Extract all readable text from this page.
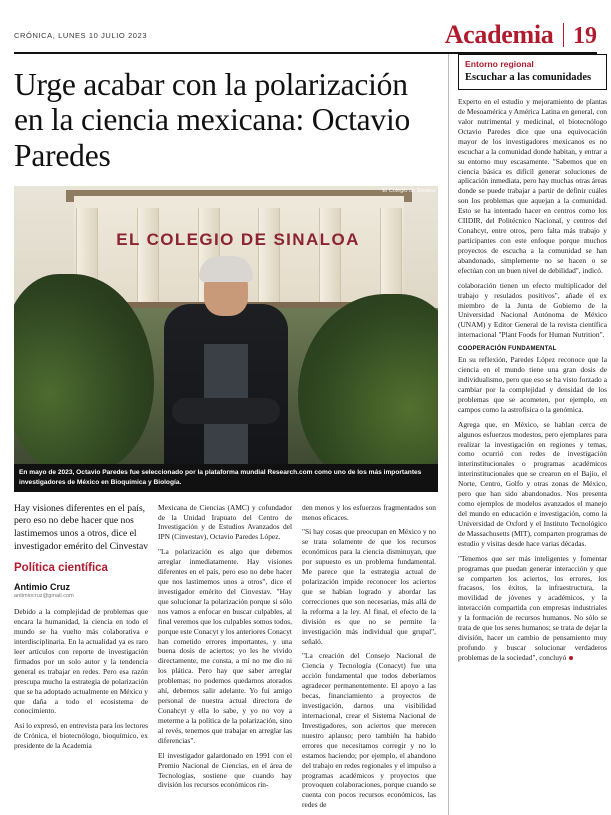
CRÓNICA, LUNES 10 JULIO 2023	Academia 19
Urge acabar con la polarización en la ciencia mexicana: Octavio Paredes
EL COLEGIO DE SINALOA
El Colegio de Sinaloa
En mayo de 2023, Octavio Paredes fue seleccionado por la plataforma mundial Research.com como uno de los más importantes investigadores de México en Bioquímica y Biología.
Hay visiones diferentes en el país, pero eso no debe hacer que nos lastimemos unos a otros, dice el investigador emérito del Cinvestav
Política científica
Antimio Cruz
antimiocruz@gmail.com

Debido a la complejidad de problemas que encara la humanidad, la ciencia en todo el mundo se ha vuelto más colaborativa e interdisciplinaria. En la actualidad ya es raro leer artículos con reporte de investigación firmados por un solo autor y la tendencia general es trabajar en redes. Pero esa razón prescupa mucho la estrategia de polarización que se ha adoptado actualmente en México y que daña a todo el ecosistema de conocimiento.

Así lo expresó, en entrevista para los lectores de Crónica, el biotecnólogo, bioquímico, ex presidente de la Academia

Mexicana de Ciencias (AMC) y cofundador de la Unidad Irapuato del Centro de Investigación y de Estudios Avanzados del IPN (Cinvestav), Octavio Paredes López.

"La polarización es algo que debemos arreglar inmediatamente. Hay visiones diferentes en el país, pero eso no debe hacer que nos lastimemos unos a otros", dice el investigador emérito del Cinvestav. "Hay que solucionar la polarización porque si sólo nos vamos a enfocar en buscar culpables, al final veremos que los culpables somos todos, porque este Conacyt y los anteriores Conacyt han cometido errores importantes, y una buena dosis de aciertos; yo les he vivido directamente, me consta, a mí no me dio ni los plática. Pero hay que saber arreglar problemas; no podemos quedarnos atorados ahí, debemos salir adelante. Yo fui amigo personal de nuestra actual directora de Conahcyt y ella lo sabe, y yo no voy a meterme a la política de la polarización, sino al revés, tenemos que trabajar en arreglar las diferencias".

El investigador galardonado en 1991 con el Premio Nacional de Ciencias, en el área de Tecnologías, sostiene que cuando hay división los recursos económicos rin-

den menos y los esfuerzos fragmentados son menos eficaces.

"Si hay cosas que preocupan en México y no se trata solamente de que los recursos económicos para la ciencia disminuyan, que por supuesto es un problema fundamental. Me parece que la estrategia actual de polarización impide reconocer los aciertos que se habían logrado y abordar las correcciones que son necesarias, más allá de la reforma a la ley. Al final, el efecto de la división es que no se permite la investigación más individual que grupal", señaló.

"La creación del Consejo Nacional de Ciencia y Tecnología (Conacyt) fue una acción fundamental que todos deberíamos agradecer permanentemente. El apoyo a las becas, financiamiento a proyectos de investigación, darnos una visibilidad internacional, crear el Sistema Nacional de Investigadores, son aciertos que merecen nuestro aplauso; pero también ha habido errores que necesitamos corregir y no lo estamos haciendo; por ejemplo, el abandono del trabajo en redes regionales y el impulso a programas académicos y proyectos que provoquen colaboraciones, porque cuando se cuenta con pocos recursos económicos, las redes de

Entorno regional
Escuchar a las comunidades

Experto en el estudio y mejoramiento de plantas de Mesoamérica y América Latina en general, con valor nutrimental y medicinal, el biotecnólogo Octavio Paredes dice que una equivocación mayor de los investigadores mexicanos es no escuchar a la comunidad donde habitan, y entrar a su entorno muy escasamente. "Sabemos que en ciencia básica es difícil generar soluciones de aplicación inmediata, pero hay muchas otras áreas donde se puede trabajar a partir de definir cuáles son los problemas que aquejan a la comunidad. Esto se ha intentado hacer en centros como los CIIDIR, del Politécnico Nacional, y centros del Conahcyt, entre otros, pero falta más trabajo y participantes con este enfoque porque muchos proyectos de escucha a la comunidad se han abandonado, simplemente no se hacen o se efectúan con un buen nivel de debilidad", indicó.

colaboración tienen un efecto multiplicador del trabajo y resulados positivos", añade el ex miembro de la Junta de Gobierno de la Universidad Nacional Autónoma de México (UNAM) y Editor General de la revista científica internacional "Plant Foods for Human Nutrition".

COOPERACIÓN FUNDAMENTAL

En su reflexión, Paredes López reconoce que la ciencia en el mundo tiene una gran dosis de individualismo, pero que eso se ha visto forzado a cambiar por la complejidad y densidad de los problemas que se acometen, por ejemplo, en campos como la astrofísica o la genómica.

Agrega que, en México, se hablan cerca de algunos esfuerzos modestos, pero ejemplares para realizar la investigación en regiones y temas, como ocurrió con redes de investigación interinstitucionales o programas académicos interinstitucionales que se crearon en el Bajío, el Norte, Centro, Golfo y otras zonas de México, pero que han sido abandonados. Nos presenta como ejemplos de modelos avanzados el manejo del mundo en educación e investigación, como la Universidad de Oxford y el Instituto Tecnológico de Massachusetts (MIT), comparten programas de estudio y visitas desde hace varias décadas.

"Tenemos que ser más inteligentes y fomentar programas que puedan generar interacción y que se comparten los aciertos, los errores, los fracasos, los éxitos, la infraestructura, la movilidad de jóvenes y académicos, y la interacción compartida con empresas industriales y la formación de recursos humanos. No sólo se trata de que los seres humanos; se trata de dejar la división, hacer un cambio de pensamiento muy profundo y buscar solucionar verdaderos problemas de la sociedad", concluyó
